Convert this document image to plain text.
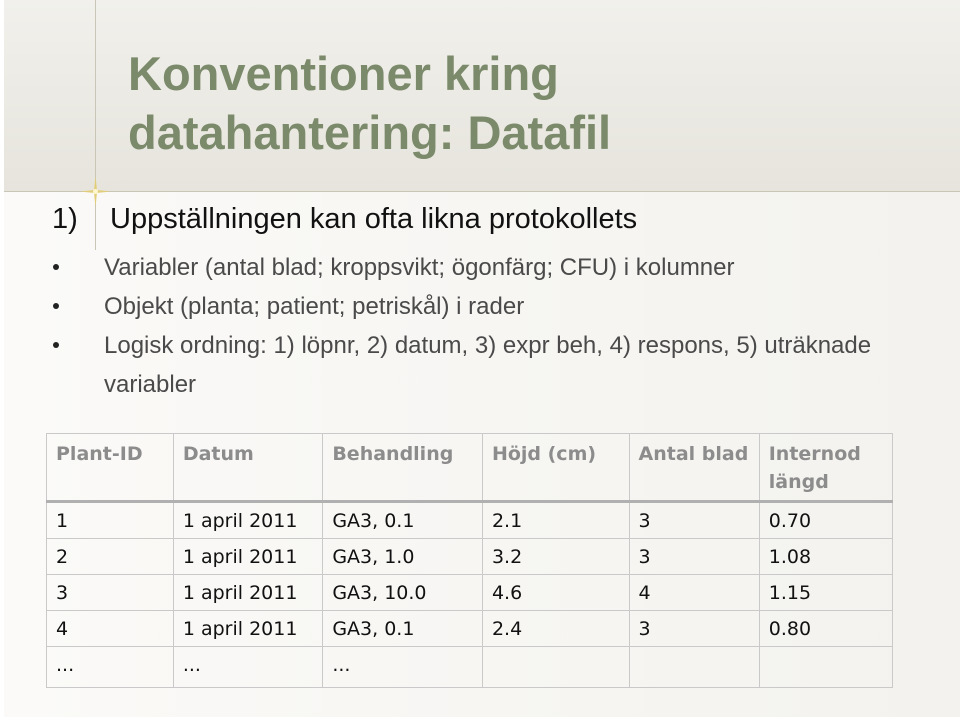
Konventioner kring
datahantering: Datafil
1) Uppställningen kan ofta likna protokollets
Variabler (antal blad; kroppsvikt; ögonfärg; CFU) i kolumner
Objekt (planta; patient; petriskål) i rader
Logisk ordning: 1) löpnr, 2) datum, 3) expr beh, 4) respons, 5) uträknade variabler
Plant-ID	Datum	Behandling	Höjd (cm)	Antal blad	Internod längd
1	1 april 2011	GA3, 0.1	2.1	3	0.70
2	1 april 2011	GA3, 1.0	3.2	3	1.08
3	1 april 2011	GA3, 10.0	4.6	4	1.15
4	1 april 2011	GA3, 0.1	2.4	3	0.80
...	...	...			
